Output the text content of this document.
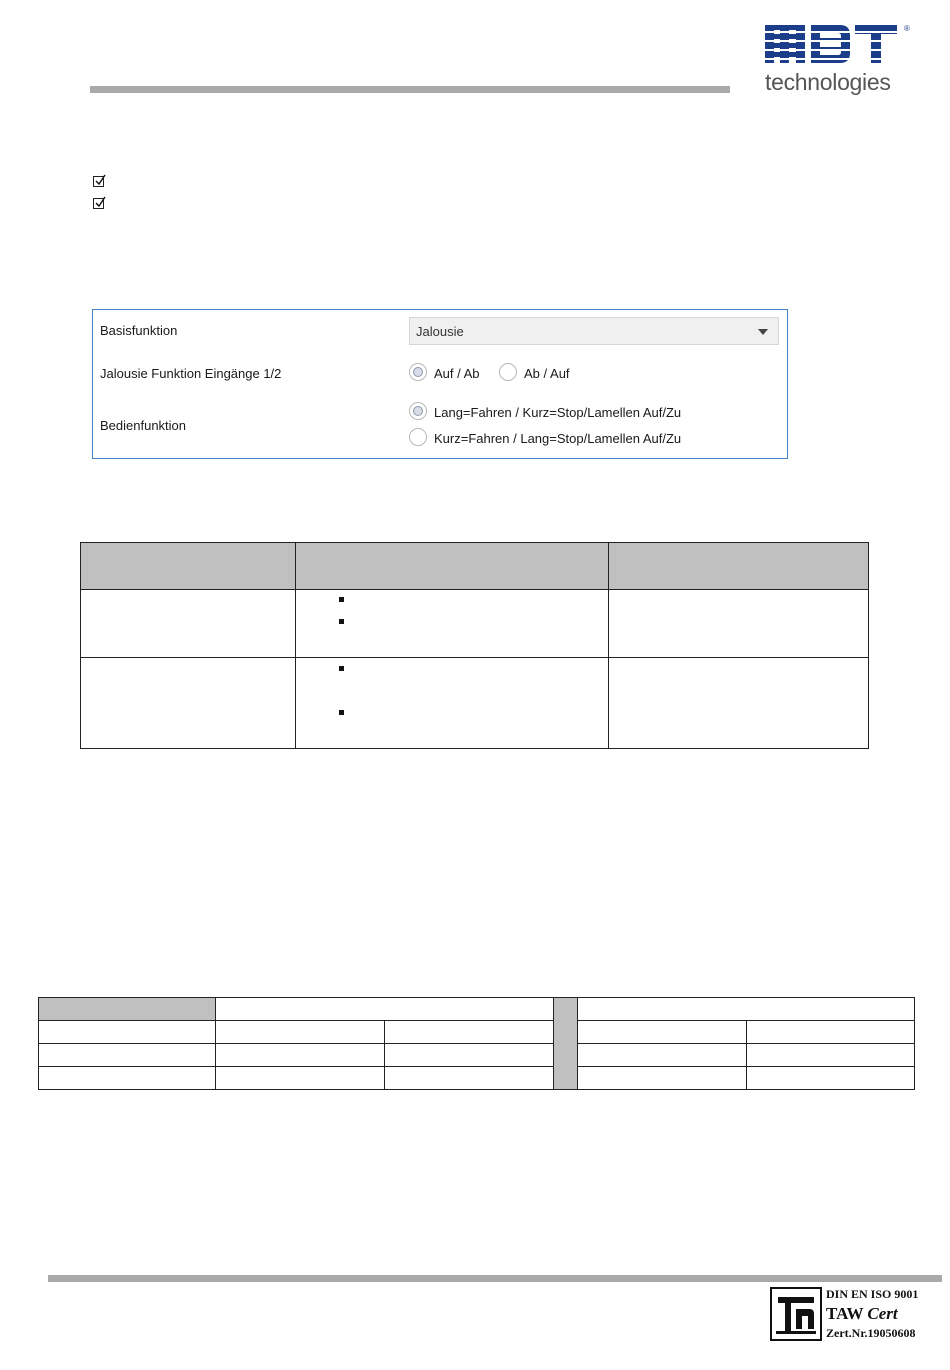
®
technologies
Basisfunktion	Jalousie
Jalousie Funktion Eingänge 1/2	Auf / Ab	Ab / Auf
Bedienfunktion
Lang=Fahren / Kurz=Stop/Lamellen Auf/Zu
Kurz=Fahren / Lang=Stop/Lamellen Auf/Zu

DIN EN ISO 9001
TAW Cert
Zert.Nr.19050608
